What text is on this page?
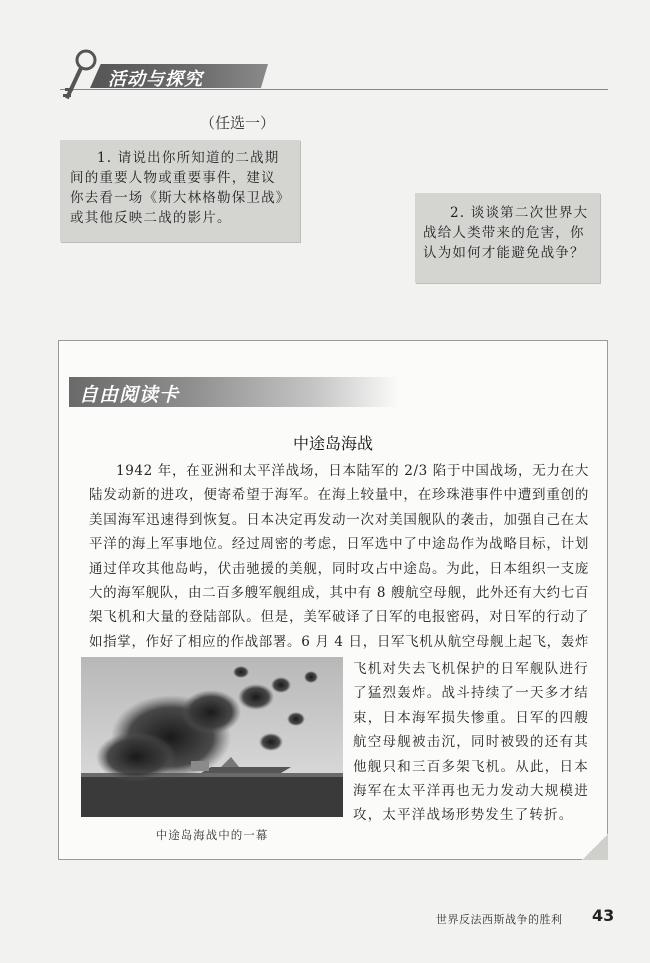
活动与探究
（任选一）

1. 请说出你所知道的二战期间的重要人物或重要事件，建议你去看一场《斯大林格勒保卫战》或其他反映二战的影片。	2. 谈谈第二次世界大战给人类带来的危害，你认为如何才能避免战争？

自由阅读卡
中途岛海战

1942 年，在亚洲和太平洋战场，日本陆军的 2/3 陷于中国战场，无力在大陆发动新的进攻，便寄希望于海军。在海上较量中，在珍珠港事件中遭到重创的美国海军迅速得到恢复。日本决定再发动一次对美国舰队的袭击，加强自己在太平洋的海上军事地位。经过周密的考虑，日军选中了中途岛作为战略目标，计划通过佯攻其他岛屿，伏击驰援的美舰，同时攻占中途岛。为此，日本组织一支庞大的海军舰队，由二百多艘军舰组成，其中有 8 艘航空母舰，此外还有大约七百架飞机和大量的登陆部队。但是，美军破译了日军的电报密码，对日军的行动了如指掌，作好了相应的作战部署。6 月 4 日，日军飞机从航空母舰上起飞，轰炸

中途岛海战中的一幕

飞机对失去飞机保护的日军舰队进行了猛烈轰炸。战斗持续了一天多才结束，日本海军损失惨重。日军的四艘航空母舰被击沉，同时被毁的还有其他舰只和三百多架飞机。从此，日本海军在太平洋再也无力发动大规模进攻，太平洋战场形势发生了转折。

世界反法西斯战争的胜利 43
